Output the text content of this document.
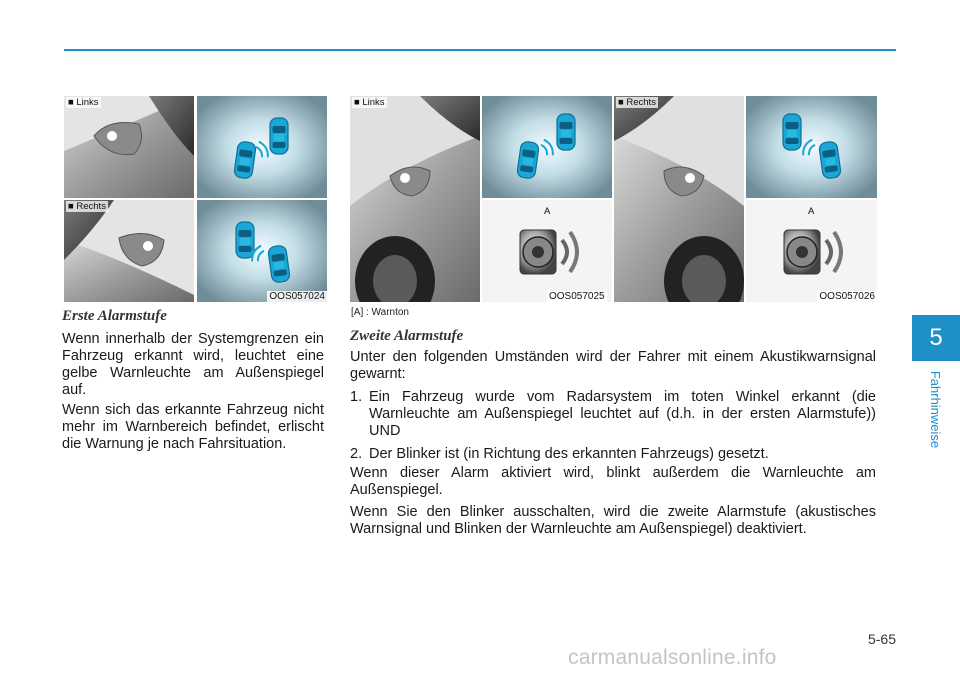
■ Links
■ Rechts
OOS057024
■ Links	■ Rechts
A	A
OOS057025	OOS057026
[A] : Warnton
Erste Alarmstufe

Wenn innerhalb der Systemgrenzen ein Fahrzeug erkannt wird, leuchtet eine gelbe Warnleuchte am Außenspiegel auf.

Wenn sich das erkannte Fahrzeug nicht mehr im Warnbereich befindet, erlischt die Warnung je nach Fahrsituation.

Zweite Alarmstufe

Unter den folgenden Umständen wird der Fahrer mit einem Akustikwarnsignal gewarnt:

1. Ein Fahrzeug wurde vom Radarsystem im toten Winkel erkannt (die Warnleuchte am Außenspiegel leuchtet auf (d.h. in der ersten Alarmstufe)) UND
2. Der Blinker ist (in Richtung des erkannten Fahrzeugs) gesetzt.

Wenn dieser Alarm aktiviert wird, blinkt außerdem die Warnleuchte am Außenspiegel.

Wenn Sie den Blinker ausschalten, wird die zweite Alarmstufe (akustisches Warnsignal und Blinken der Warnleuchte am Außenspiegel) deaktiviert.

5
Fahrhinweise
5-65
carmanualsonline.info
